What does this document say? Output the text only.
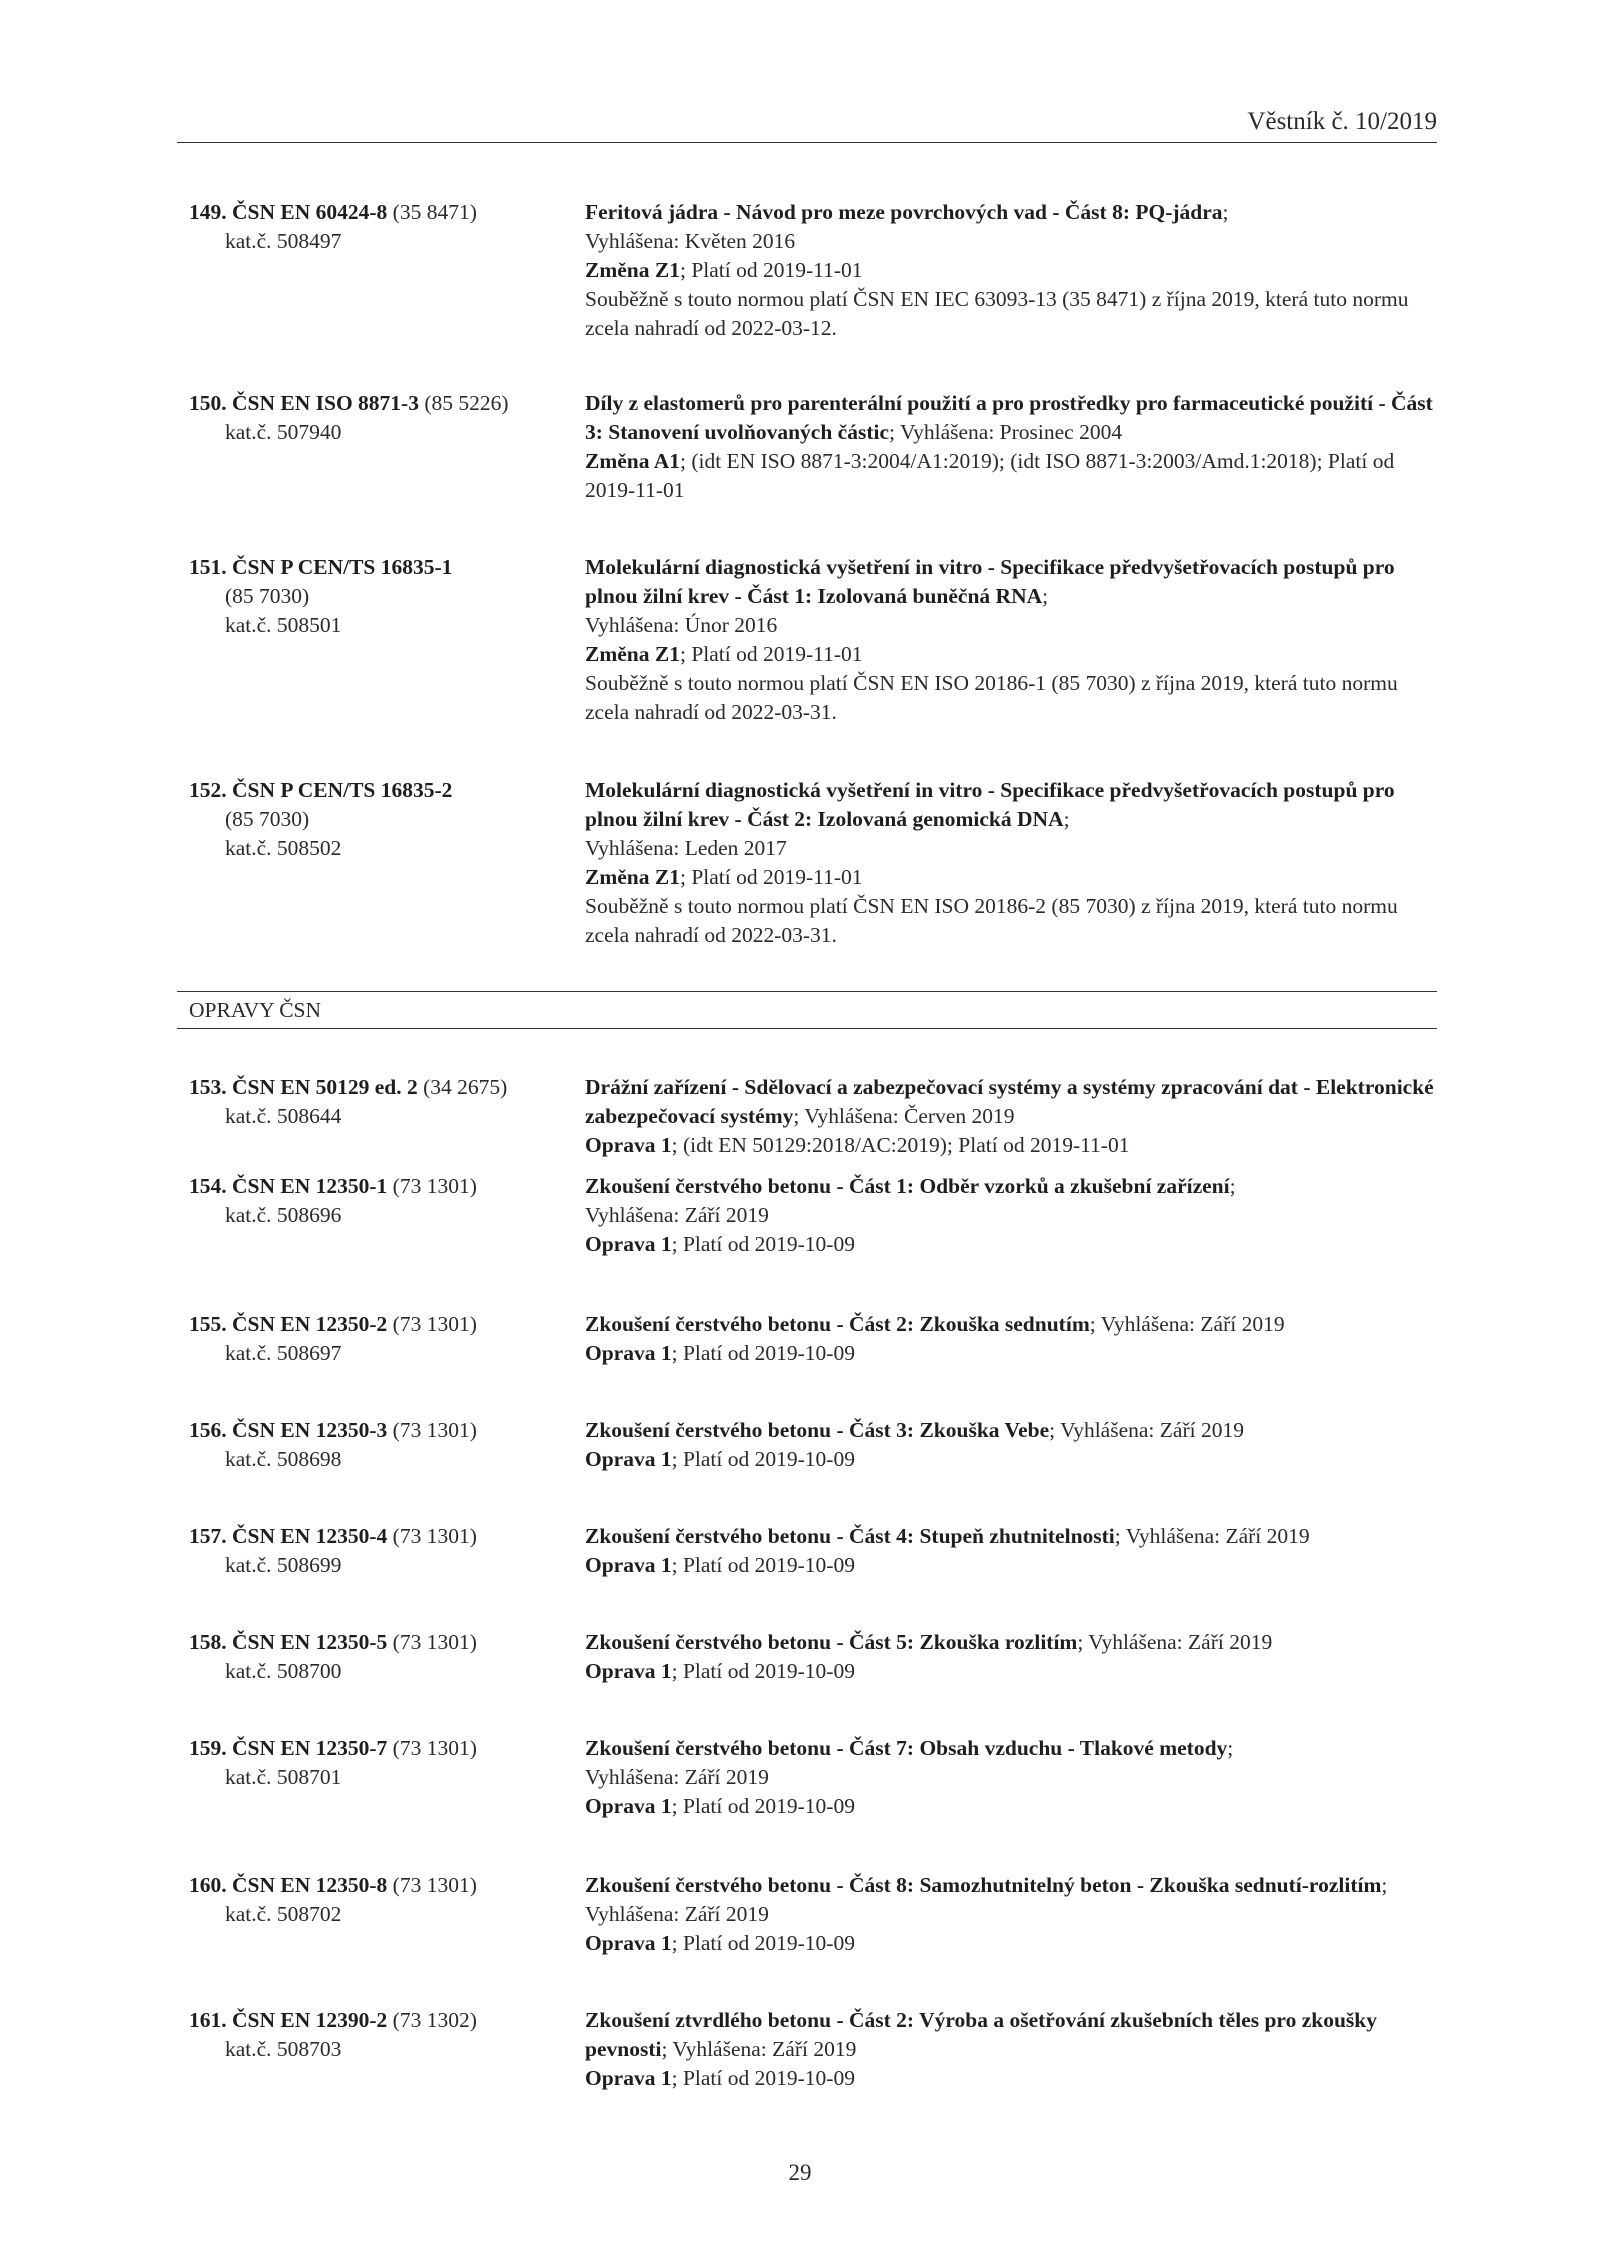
Věstník č. 10/2019
OPRAVY ČSN
149. ČSN EN 60424-8 (35 8471)
kat.č. 508497
Feritová jádra - Návod pro meze povrchových vad - Část 8: PQ-jádra;
Vyhlášena: Květen 2016
Změna Z1; Platí od 2019-11-01
Souběžně s touto normou platí ČSN EN IEC 63093-13 (35 8471) z října 2019, která tuto normu zcela nahradí od 2022-03-12.
150. ČSN EN ISO 8871-3 (85 5226)
kat.č. 507940
Díly z elastomerů pro parenterální použití a pro prostředky pro farmaceutické použití - Část 3: Stanovení uvolňovaných částic; Vyhlášena: Prosinec 2004
Změna A1; (idt EN ISO 8871-3:2004/A1:2019); (idt ISO 8871-3:2003/Amd.1:2018); Platí od 2019-11-01
151. ČSN P CEN/TS 16835-1
(85 7030)
kat.č. 508501
Molekulární diagnostická vyšetření in vitro - Specifikace předvyšetřovacích postupů pro plnou žilní krev - Část 1: Izolovaná buněčná RNA;
Vyhlášena: Únor 2016
Změna Z1; Platí od 2019-11-01
Souběžně s touto normou platí ČSN EN ISO 20186-1 (85 7030) z října 2019, která tuto normu zcela nahradí od 2022-03-31.
152. ČSN P CEN/TS 16835-2
(85 7030)
kat.č. 508502
Molekulární diagnostická vyšetření in vitro - Specifikace předvyšetřovacích postupů pro plnou žilní krev - Část 2: Izolovaná genomická DNA;
Vyhlášena: Leden 2017
Změna Z1; Platí od 2019-11-01
Souběžně s touto normou platí ČSN EN ISO 20186-2 (85 7030) z října 2019, která tuto normu zcela nahradí od 2022-03-31.
153. ČSN EN 50129 ed. 2 (34 2675)
kat.č. 508644
Drážní zařízení - Sdělovací a zabezpečovací systémy a systémy zpracování dat - Elektronické zabezpečovací systémy; Vyhlášena: Červen 2019
Oprava 1; (idt EN 50129:2018/AC:2019); Platí od 2019-11-01
154. ČSN EN 12350-1 (73 1301)
kat.č. 508696
Zkoušení čerstvého betonu - Část 1: Odběr vzorků a zkušební zařízení;
Vyhlášena: Září 2019
Oprava 1; Platí od 2019-10-09
155. ČSN EN 12350-2 (73 1301)
kat.č. 508697
Zkoušení čerstvého betonu - Část 2: Zkouška sednutím; Vyhlášena: Září 2019
Oprava 1; Platí od 2019-10-09
156. ČSN EN 12350-3 (73 1301)
kat.č. 508698
Zkoušení čerstvého betonu - Část 3: Zkouška Vebe; Vyhlášena: Září 2019
Oprava 1; Platí od 2019-10-09
157. ČSN EN 12350-4 (73 1301)
kat.č. 508699
Zkoušení čerstvého betonu - Část 4: Stupeň zhutnitelnosti; Vyhlášena: Září 2019
Oprava 1; Platí od 2019-10-09
158. ČSN EN 12350-5 (73 1301)
kat.č. 508700
Zkoušení čerstvého betonu - Část 5: Zkouška rozlitím; Vyhlášena: Září 2019
Oprava 1; Platí od 2019-10-09
159. ČSN EN 12350-7 (73 1301)
kat.č. 508701
Zkoušení čerstvého betonu - Část 7: Obsah vzduchu - Tlakové metody;
Vyhlášena: Září 2019
Oprava 1; Platí od 2019-10-09
160. ČSN EN 12350-8 (73 1301)
kat.č. 508702
Zkoušení čerstvého betonu - Část 8: Samozhutnitelný beton - Zkouška sednutí-rozlitím; Vyhlášena: Září 2019
Oprava 1; Platí od 2019-10-09
161. ČSN EN 12390-2 (73 1302)
kat.č. 508703
Zkoušení ztvrdlého betonu - Část 2: Výroba a ošetřování zkušebních těles pro zkoušky pevnosti; Vyhlášena: Září 2019
Oprava 1; Platí od 2019-10-09
29
